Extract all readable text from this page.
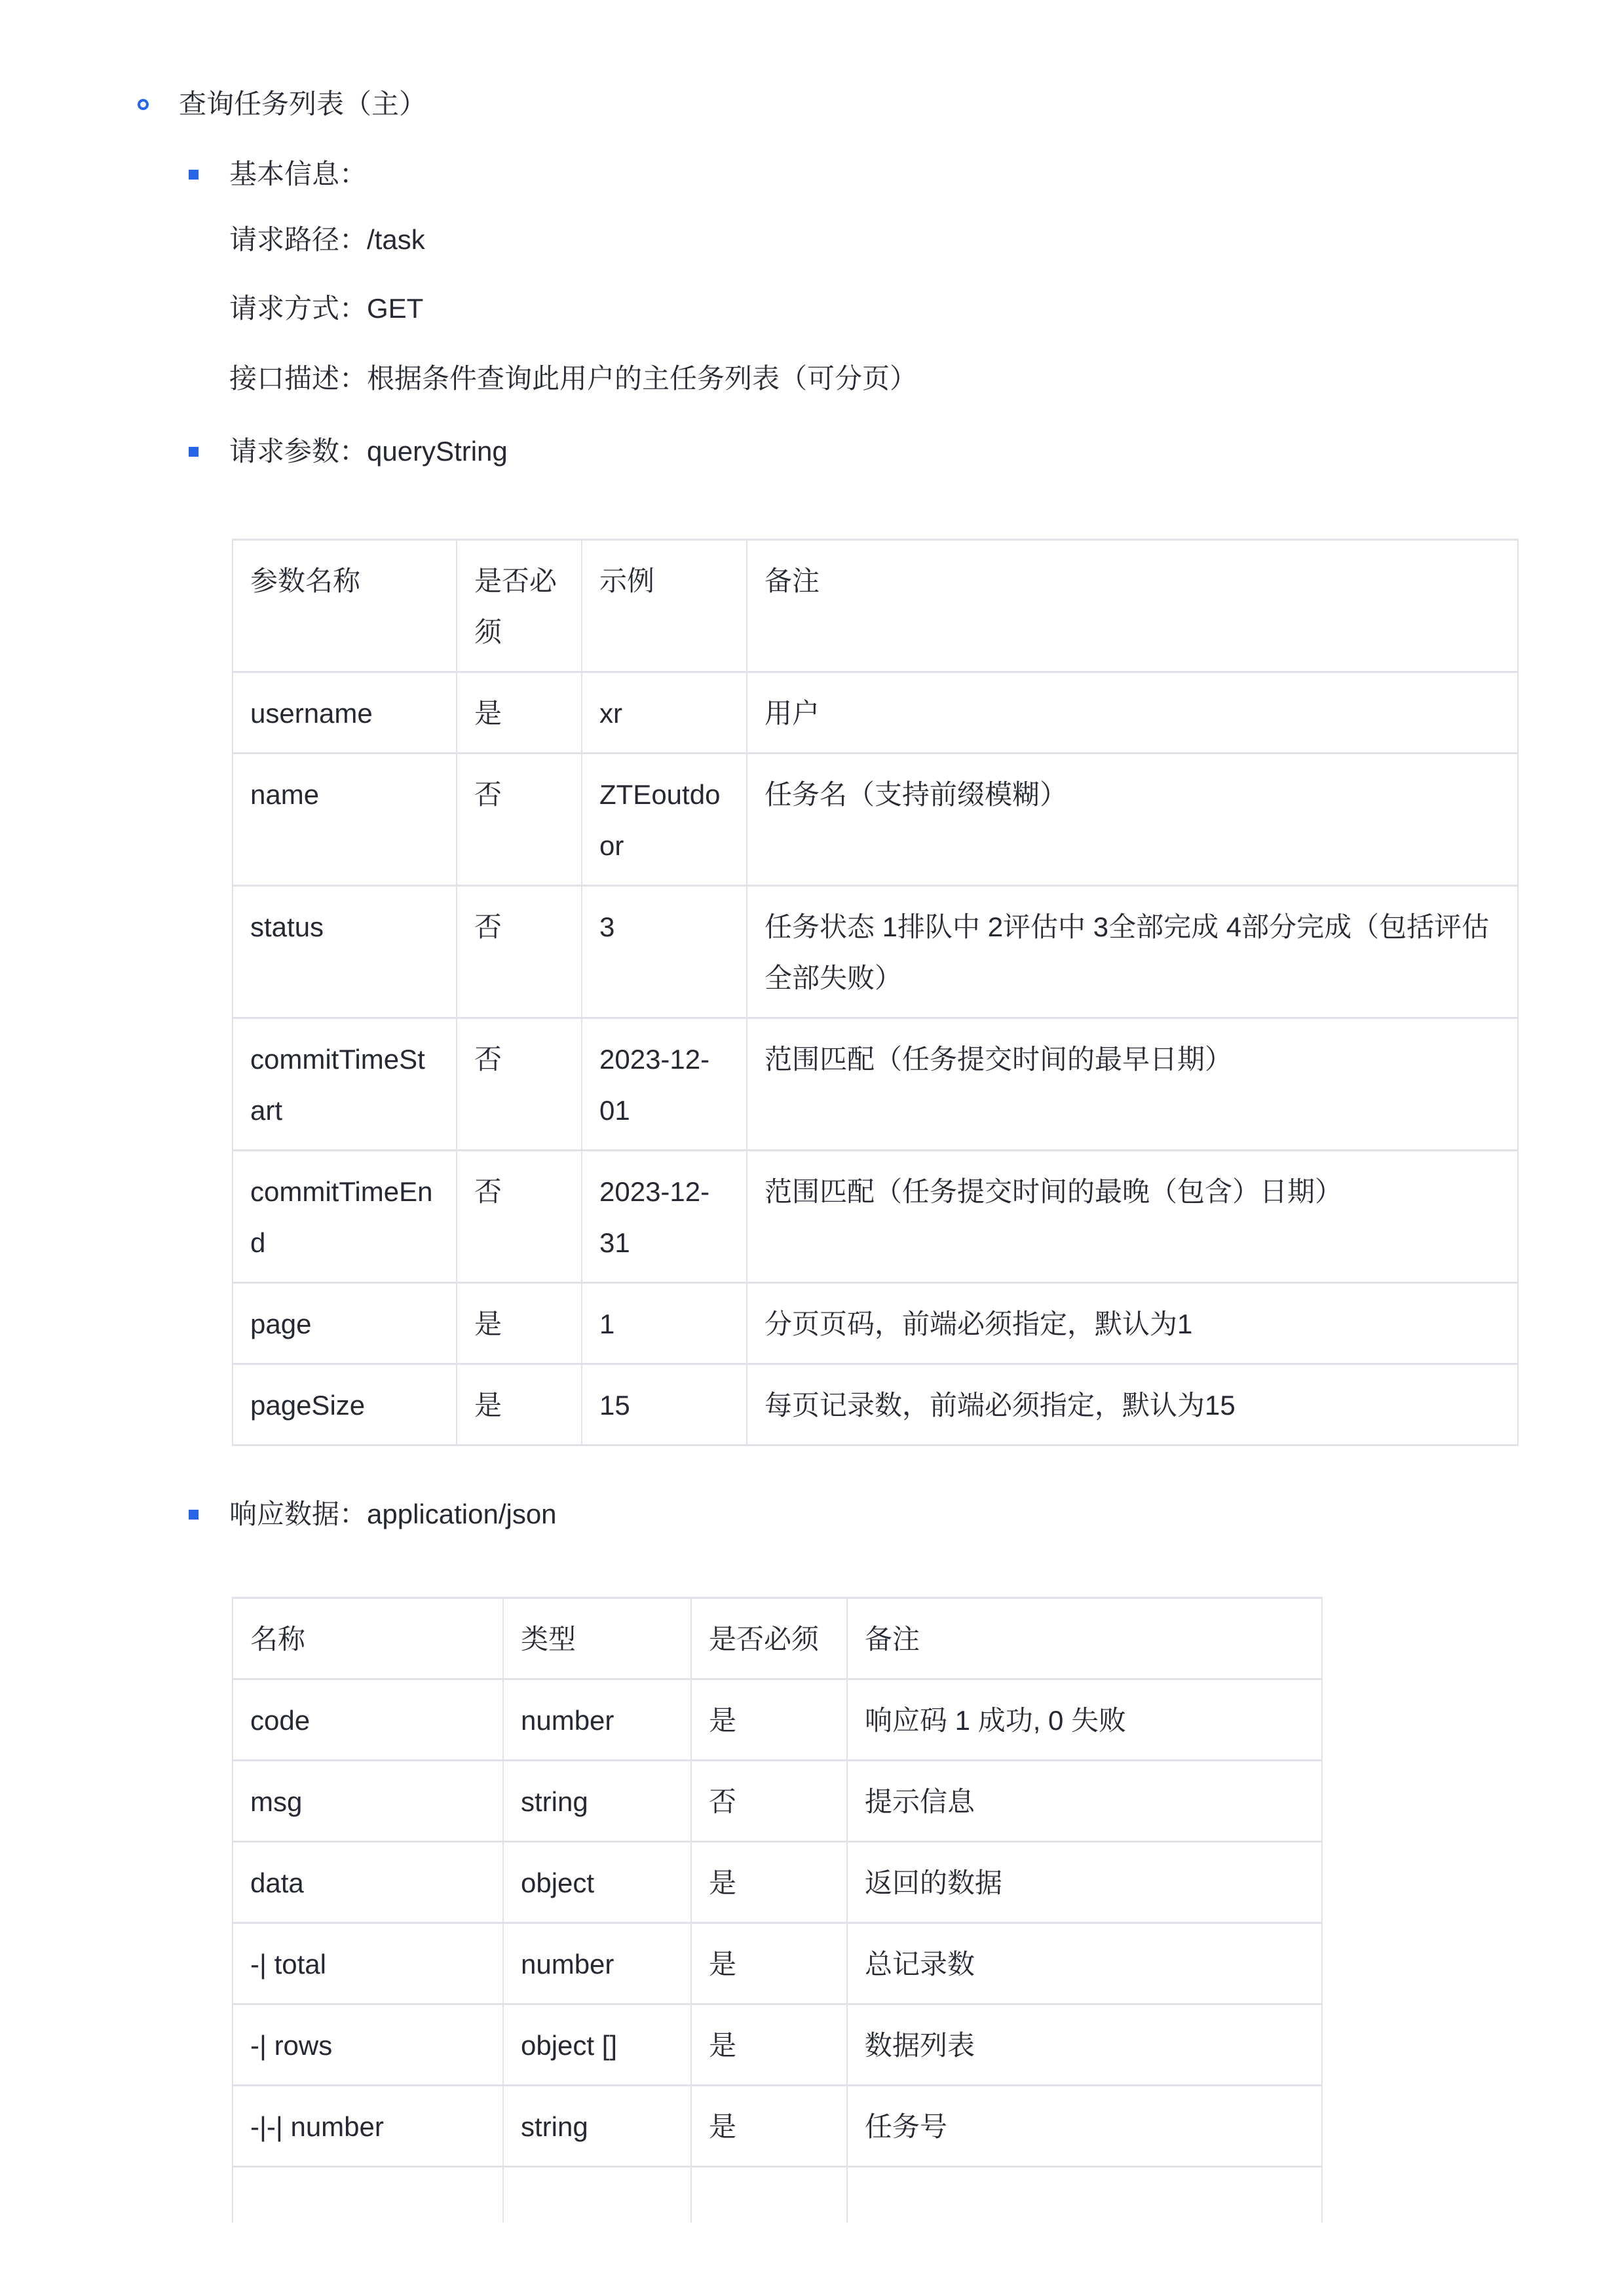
查询任务列表（主）
基本信息：
请求路径：/task
请求方式：GET
接口描述：根据条件查询此用户的主任务列表（可分页）
请求参数：queryString
参数名称	是否必须	示例	备注
username	是	xr	用户
name	否	ZTEoutdoor	任务名（支持前缀模糊）
status	否	3	任务状态 1排队中 2评估中 3全部完成 4部分完成（包括评估全部失败）
commitTimeStart	否	2023-12-01	范围匹配（任务提交时间的最早日期）
commitTimeEnd	否	2023-12-31	范围匹配（任务提交时间的最晚（包含）日期）
page	是	1	分页页码，前端必须指定，默认为1
pageSize	是	15	每页记录数，前端必须指定，默认为15
响应数据：application/json
名称	类型	是否必须	备注
code	number	是	响应码 1 成功, 0 失败
msg	string	否	提示信息
data	object	是	返回的数据
-| total	number	是	总记录数
-| rows	object []	是	数据列表
-|-| number	string	是	任务号
